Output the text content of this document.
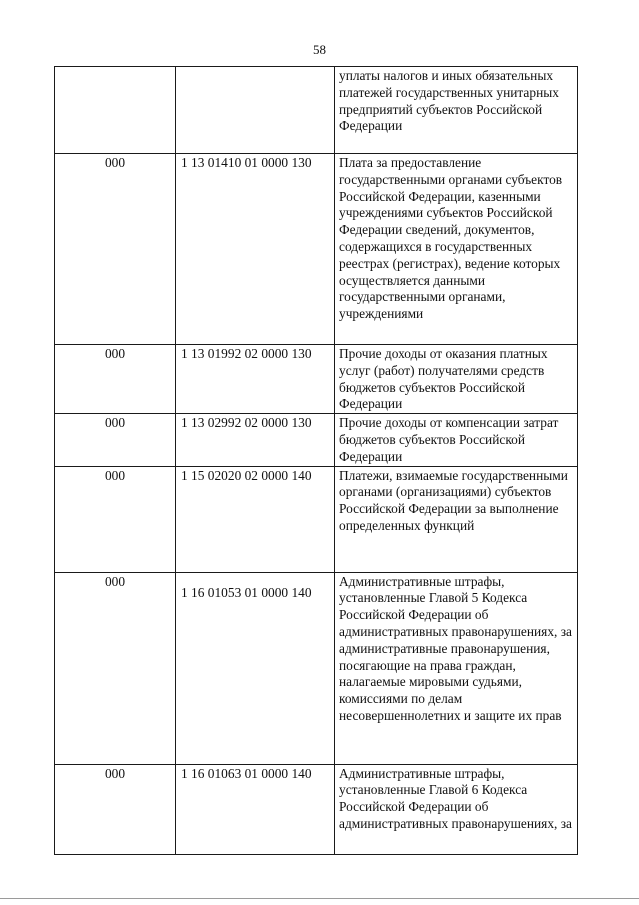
58

		уплаты налогов и иных обязательных платежей государственных унитарных предприятий субъектов Российской Федерации

000	1 13 01410 01 0000 130	Плата за предоставление государственными органами субъектов Российской Федерации, казенными учреждениями субъектов Российской Федерации сведений, документов, содержащихся в государственных реестрах (регистрах), ведение которых осуществляется данными государственными органами, учреждениями

000	1 13 01992 02 0000 130	Прочие доходы от оказания платных услуг (работ) получателями средств бюджетов субъектов Российской Федерации

000	1 13 02992 02 0000 130	Прочие доходы от компенсации затрат бюджетов субъектов Российской Федерации

000	1 15 02020 02 0000 140	Платежи, взимаемые государственными органами (организациями) субъектов Российской Федерации за выполнение определенных функций

000	1 16 01053 01 0000 140	Административные штрафы, установленные Главой 5 Кодекса Российской Федерации об административных правонарушениях, за административные правонарушения, посягающие на права граждан, налагаемые мировыми судьями, комиссиями по делам несовершеннолетних и защите их прав

000	1 16 01063 01 0000 140	Административные штрафы, установленные Главой 6 Кодекса Российской Федерации об административных правонарушениях, за
